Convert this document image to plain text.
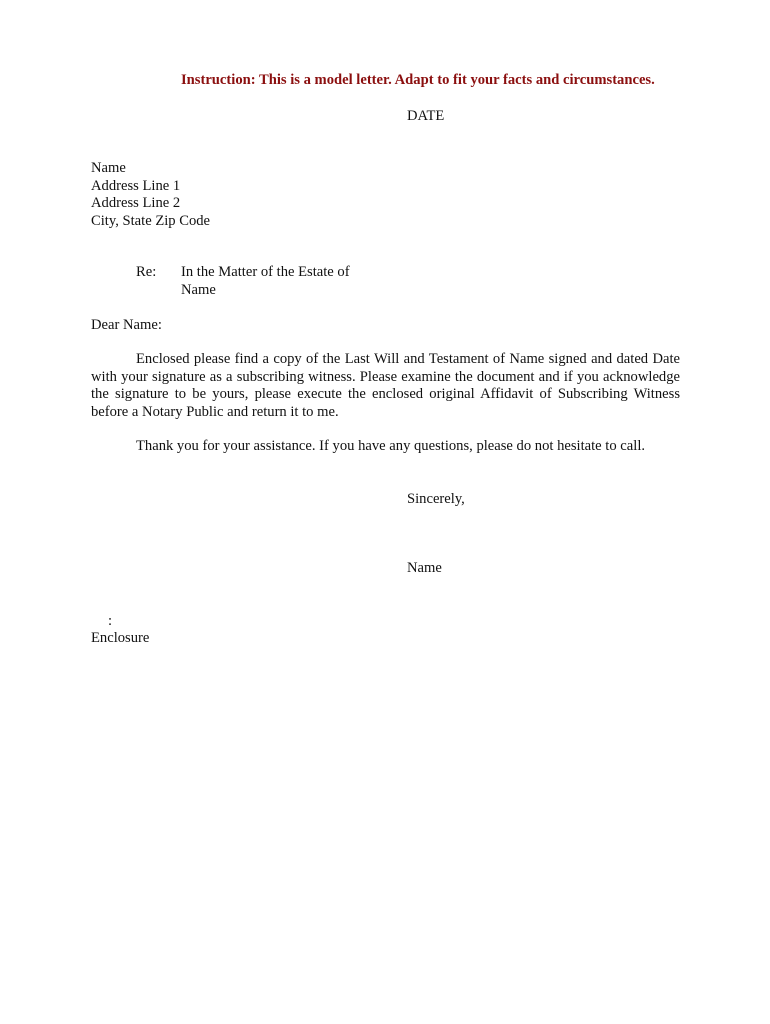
Instruction: This is a model letter. Adapt to fit your facts and circumstances.
DATE
Name
Address Line 1
Address Line 2
City, State Zip Code
Re: In the Matter of the Estate of
Name
Dear Name:
Enclosed please find a copy of the Last Will and Testament of Name signed and dated Date with your signature as a subscribing witness. Please examine the document and if you acknowledge the signature to be yours, please execute the enclosed original Affidavit of Subscribing Witness before a Notary Public and return it to me.
Thank you for your assistance. If you have any questions, please do not hesitate to call.
Sincerely,
Name
:
Enclosure
